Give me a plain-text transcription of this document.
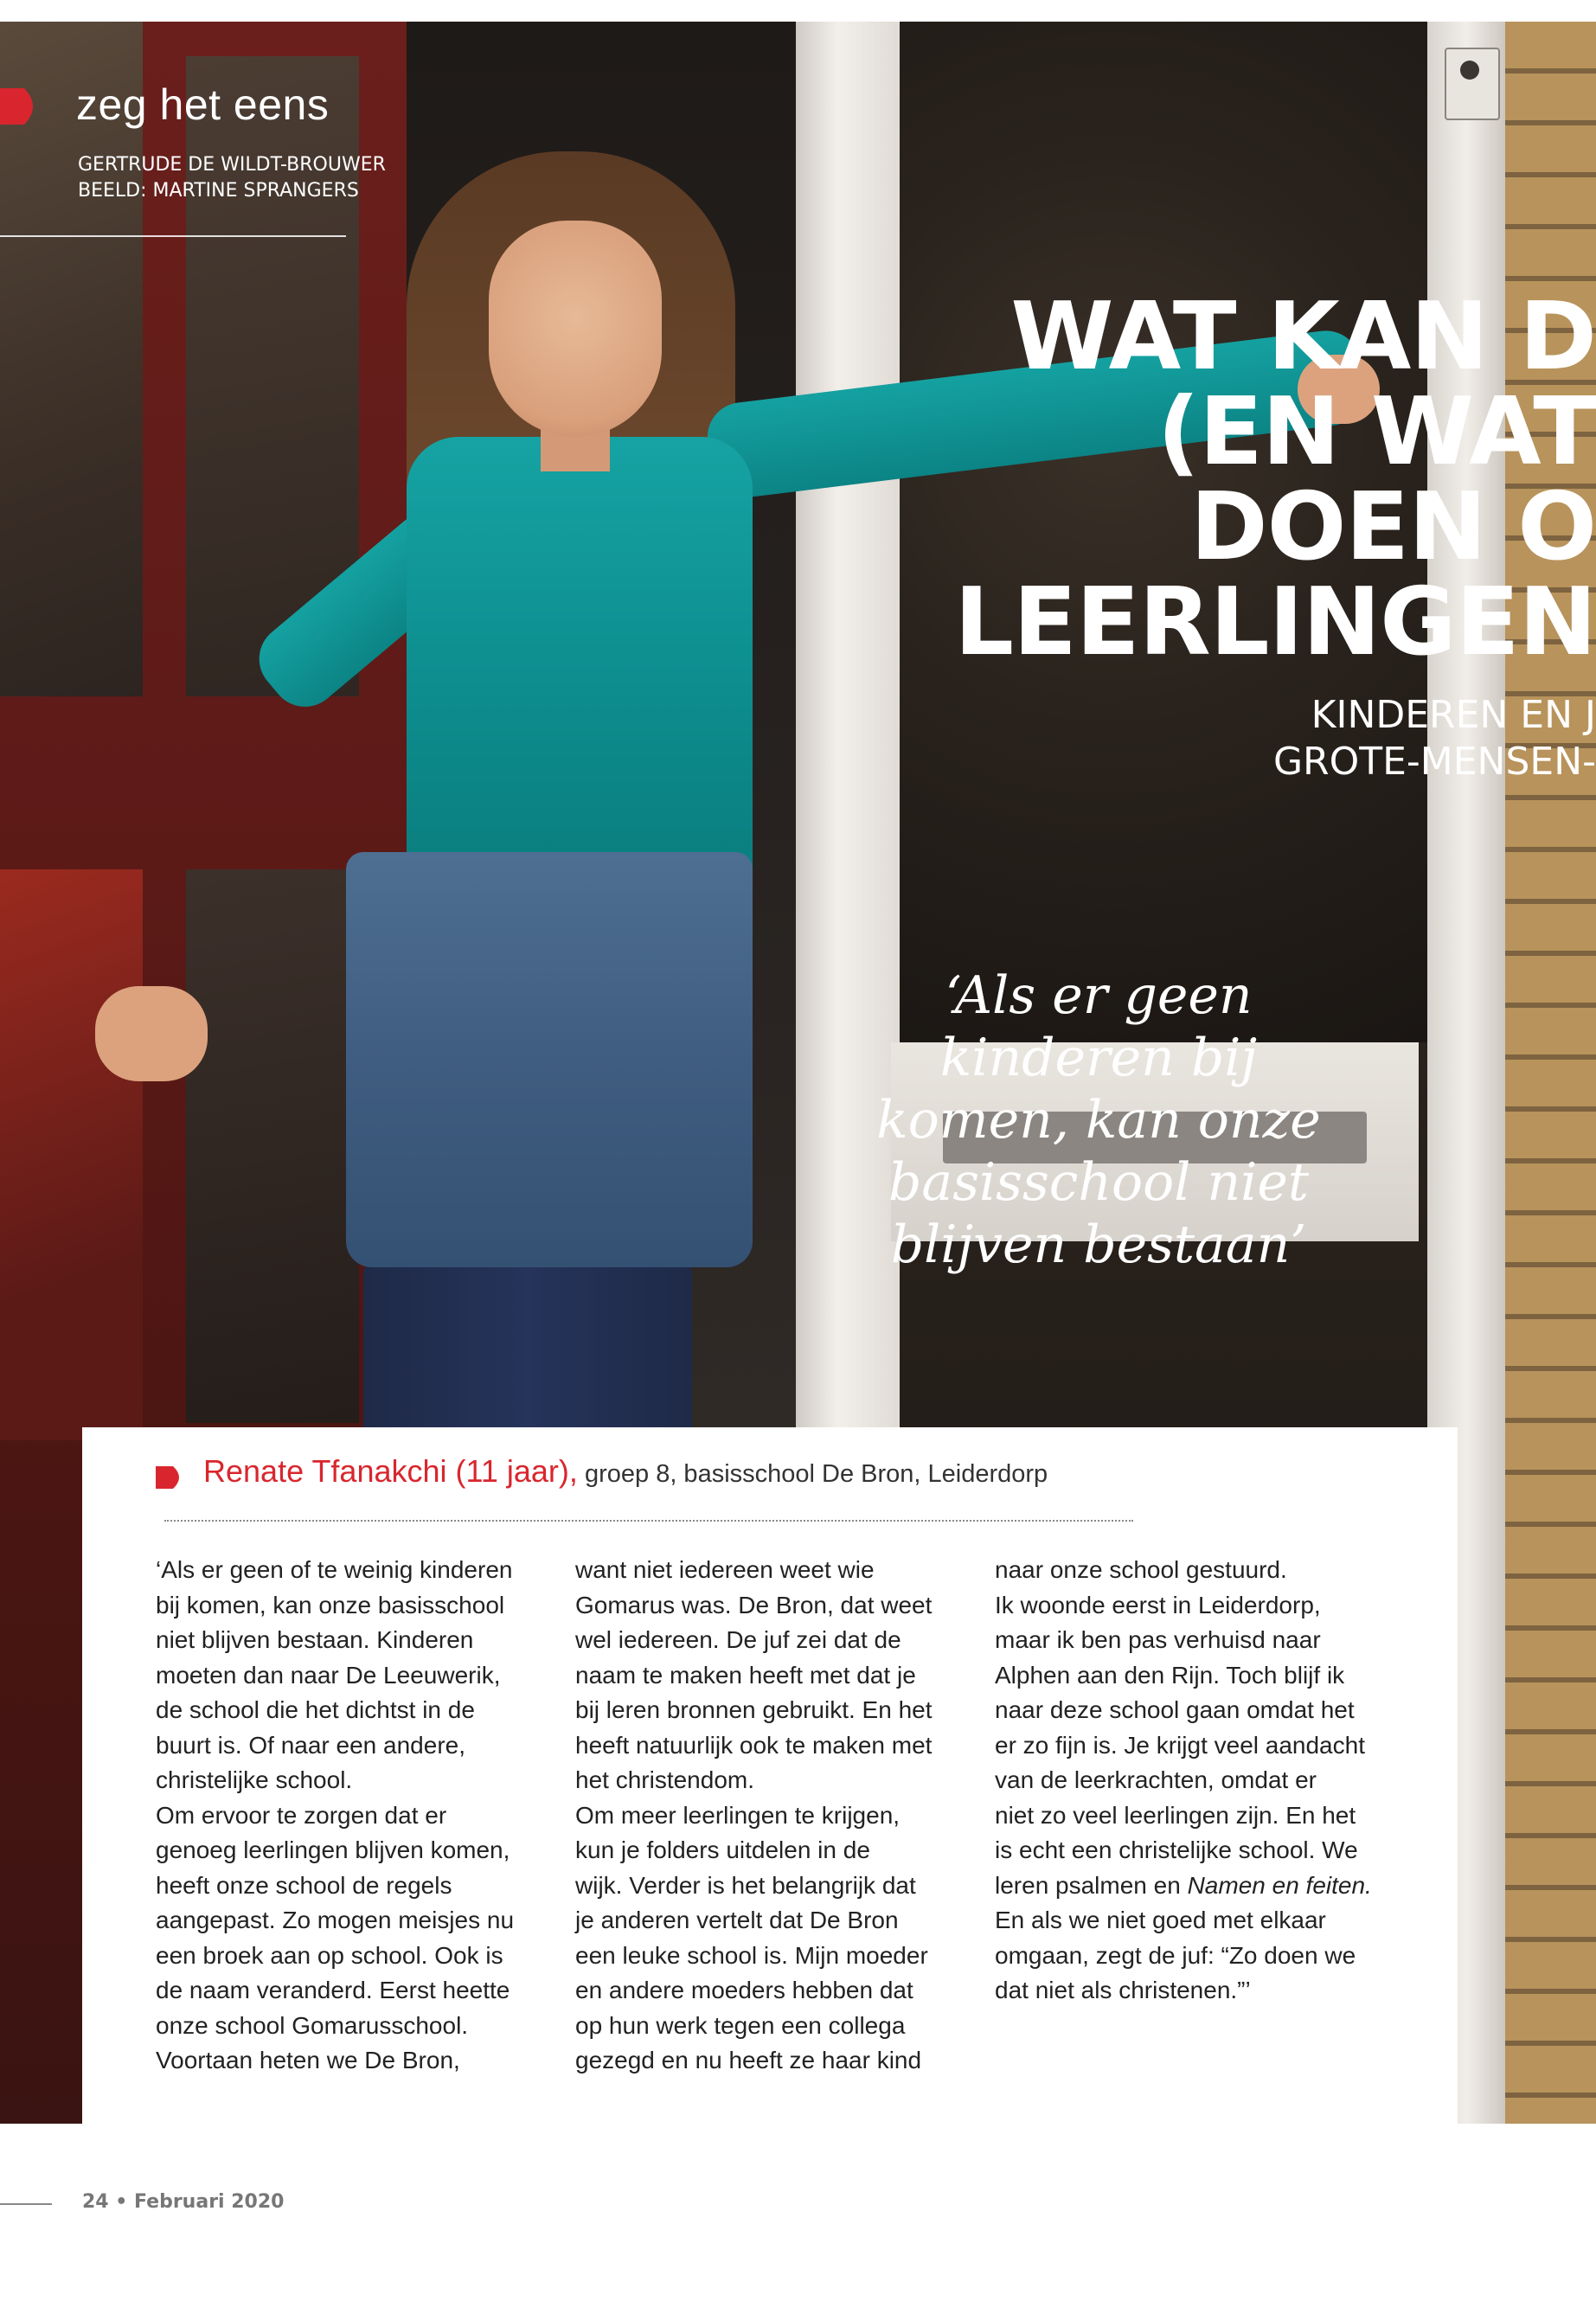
zeg het eens
GERTRUDE DE WILDT-BROUWER
BEELD: MARTINE SPRANGERS
WAT KAN D
(EN WAT
DOEN O
LEERLINGEN
KINDEREN EN J
GROTE-MENSEN-
‘Als er geen
kinderen bij
komen, kan onze
basisschool niet
blijven bestaan’
Renate Tfanakchi (11 jaar), groep 8, basisschool De Bron, Leiderdorp
‘Als er geen of te weinig kinderen
bij komen, kan onze basisschool
niet blijven bestaan. Kinderen
moeten dan naar De Leeuwerik,
de school die het dichtst in de
buurt is. Of naar een andere,
christelijke school.
Om ervoor te zorgen dat er
genoeg leerlingen blijven komen,
heeft onze school de regels
aangepast. Zo mogen meisjes nu
een broek aan op school. Ook is
de naam veranderd. Eerst heette
onze school Gomarusschool.
Voortaan heten we De Bron,
want niet iedereen weet wie
Gomarus was. De Bron, dat weet
wel iedereen. De juf zei dat de
naam te maken heeft met dat je
bij leren bronnen gebruikt. En het
heeft natuurlijk ook te maken met
het christendom.
Om meer leerlingen te krijgen,
kun je folders uitdelen in de
wijk. Verder is het belangrijk dat
je anderen vertelt dat De Bron
een leuke school is. Mijn moeder
en andere moeders hebben dat
op hun werk tegen een collega
gezegd en nu heeft ze haar kind
naar onze school gestuurd.
Ik woonde eerst in Leiderdorp,
maar ik ben pas verhuisd naar
Alphen aan den Rijn. Toch blijf ik
naar deze school gaan omdat het
er zo fijn is. Je krijgt veel aandacht
van de leerkrachten, omdat er
niet zo veel leerlingen zijn. En het
is echt een christelijke school. We
leren psalmen en Namen en feiten.
En als we niet goed met elkaar
omgaan, zegt de juf: “Zo doen we
dat niet als christenen.”’
24 • Februari 2020
